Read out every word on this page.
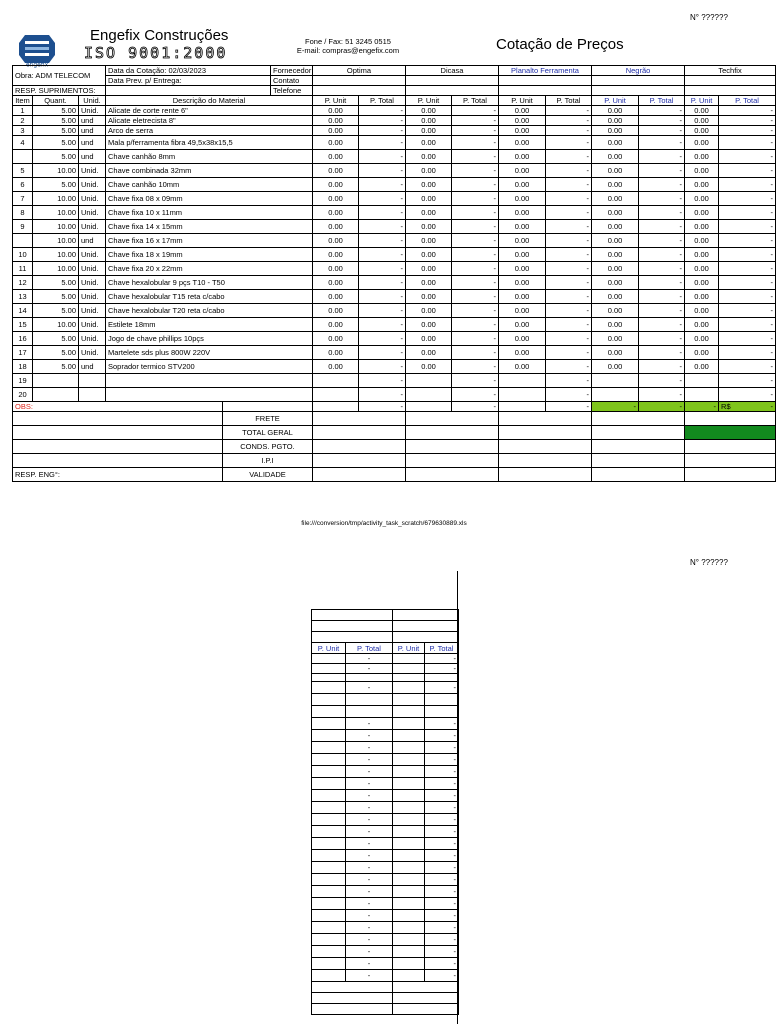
N° ??????
engefix
Engefix Construções
ISO 9001:2000
Fone / Fax: 51 3245 0515
E-mail: compras@engefix.com	Cotação de Preços
Obra: ADM TELECOM			Data da Cotação: 02/03/2023		Fornecedor	Optima		Dicasa		Planalto Ferramenta		Negrão		Techfix	
			Data Prev. p/ Entrega:		Contato										
RESP. SUPRIMENTOS:					Telefone										
Item	Quant.	Unid.	Descrição do Material			P. Unit	P. Total	P. Unit	P. Total	P. Unit	P. Total	P. Unit	P. Total	P. Unit	P. Total
1	5.00	Unid.	Alicate de corte rente 6"			0.00	-	0.00	-	0.00	-	0.00	-	0.00	-
2	5.00	und	Alicate eletrecista 8"			0.00	-	0.00	-	0.00	-	0.00	-	0.00	-
3	5.00	und	Arco de serra			0.00	-	0.00	-	0.00	-	0.00	-	0.00	-
4	5.00	und	Mala p/ferramenta fibra 49,5x38x15,5			0.00	-	0.00	-	0.00	-	0.00	-	0.00	-
	5.00	und	Chave canhão 8mm			0.00	-	0.00	-	0.00	-	0.00	-	0.00	-
5	10.00	Unid.	Chave combinada 32mm			0.00	-	0.00	-	0.00	-	0.00	-	0.00	-
6	5.00	Unid.	Chave canhão 10mm			0.00	-	0.00	-	0.00	-	0.00	-	0.00	-
7	10.00	Unid.	Chave fixa 08 x 09mm			0.00	-	0.00	-	0.00	-	0.00	-	0.00	-
8	10.00	Unid.	Chave fixa 10 x 11mm			0.00	-	0.00	-	0.00	-	0.00	-	0.00	-
9	10.00	Unid.	Chave fixa 14 x 15mm			0.00	-	0.00	-	0.00	-	0.00	-	0.00	-
	10.00	und	Chave fixa 16 x 17mm			0.00	-	0.00	-	0.00	-	0.00	-	0.00	-
10	10.00	Unid.	Chave fixa 18 x 19mm			0.00	-	0.00	-	0.00	-	0.00	-	0.00	-
11	10.00	Unid.	Chave fixa 20 x 22mm			0.00	-	0.00	-	0.00	-	0.00	-	0.00	-
12	5.00	Unid.	Chave hexalobular 9 pçs T10 - T50			0.00	-	0.00	-	0.00	-	0.00	-	0.00	-
13	5.00	Unid.	Chave hexalobular T15 reta c/cabo			0.00	-	0.00	-	0.00	-	0.00	-	0.00	-
14	5.00	Unid.	Chave hexalobular T20 reta c/cabo			0.00	-	0.00	-	0.00	-	0.00	-	0.00	-
15	10.00	Unid.	Estilete 18mm			0.00	-	0.00	-	0.00	-	0.00	-	0.00	-
16	5.00	Unid.	Jogo de chave phillips 10pçs			0.00	-	0.00	-	0.00	-	0.00	-	0.00	-
17	5.00	Unid.	Martelete sds plus 800W 220V			0.00	-	0.00	-	0.00	-	0.00	-	0.00	-
18	5.00	und	Soprador termico STV200			0.00	-	0.00	-	0.00	-	0.00	-	0.00	-
19							-		-		-		-		-
20							-		-		-		-		-
OBS:							-		-		-	-	-	-	R$ -

				FRETE											
				TOTAL GERAL											
				CONDS. PGTO.											
				I.P.I											
RESP. ENG°:				VALIDADE											
file:///conversion/tmp/activity_task_scratch/679630889.xls
N° ??????

P. Unit	P. Total	P. Unit	P. Total
	-		-
	-		-

	-		-

	-		-
	-		-
	-		-
	-		-
	-		-
	-		-
	-		-
	-		-
	-		-
	-		-
	-		-
	-		-
	-		-
	-		-
	-		-
	-		-
	-		-
	-		-
	-		-
	-		-
	-		-
	-		-
